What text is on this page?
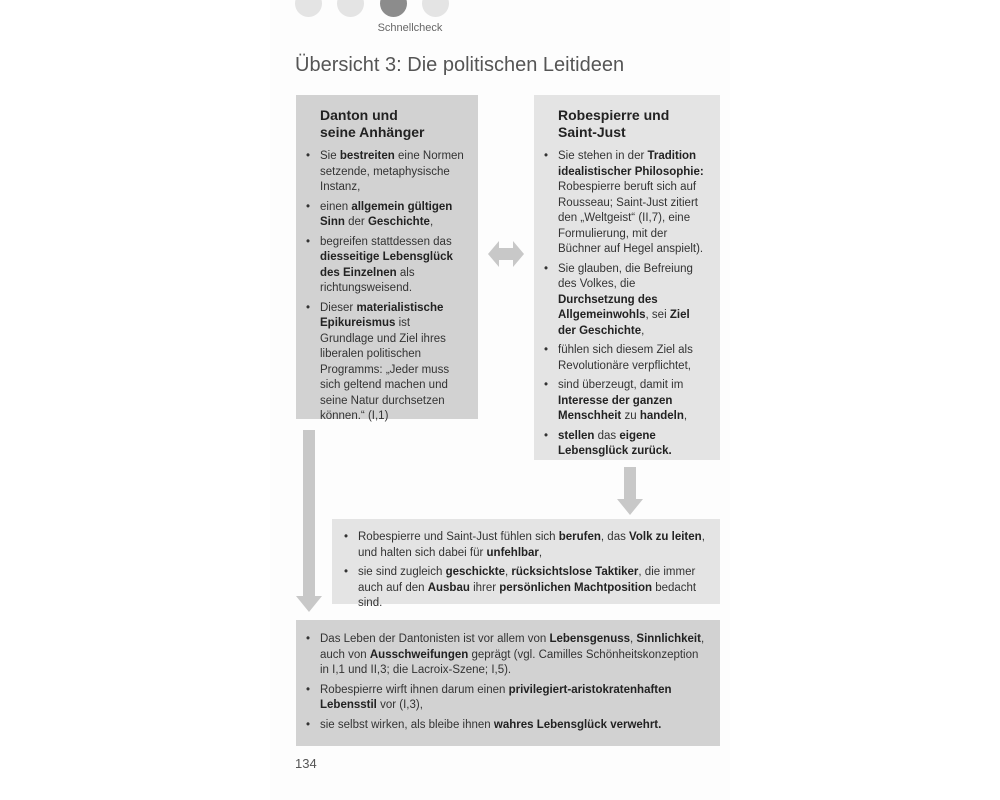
Schnellcheck
Übersicht 3: Die politischen Leitideen
Danton und
seine Anhänger
• Sie bestreiten eine Normen setzende, metaphysische Instanz,
• einen allgemein gültigen Sinn der Geschichte,
• begreifen stattdessen das diesseitige Lebensglück des Einzelnen als richtungsweisend.
• Dieser materialistische Epikureismus ist Grundlage und Ziel ihres liberalen politischen Programms: „Jeder muss sich geltend machen und seine Natur durchsetzen können.“ (I,1)
Robespierre und
Saint-Just
• Sie stehen in der Tradition idealistischer Philosophie: Robespierre beruft sich auf Rousseau; Saint-Just zitiert den „Weltgeist“ (II,7), eine Formulierung, mit der Büchner auf Hegel anspielt).
• Sie glauben, die Befreiung des Volkes, die Durchsetzung des Allgemeinwohls, sei Ziel der Geschichte,
• fühlen sich diesem Ziel als Revolutionäre verpflichtet,
• sind überzeugt, damit im Interesse der ganzen Menschheit zu handeln,
• stellen das eigene Lebensglück zurück.
• Robespierre und Saint-Just fühlen sich berufen, das Volk zu leiten, und halten sich dabei für unfehlbar,
• sie sind zugleich geschickte, rücksichtslose Taktiker, die immer auch auf den Ausbau ihrer persönlichen Machtposition bedacht sind.
• Das Leben der Dantonisten ist vor allem von Lebensgenuss, Sinnlichkeit, auch von Ausschweifungen geprägt (vgl. Camilles Schönheitskonzeption in I,1 und II,3; die Lacroix-Szene; I,5).
• Robespierre wirft ihnen darum einen privilegiert-aristokratenhaften Lebensstil vor (I,3),
• sie selbst wirken, als bleibe ihnen wahres Lebensglück verwehrt.
134
